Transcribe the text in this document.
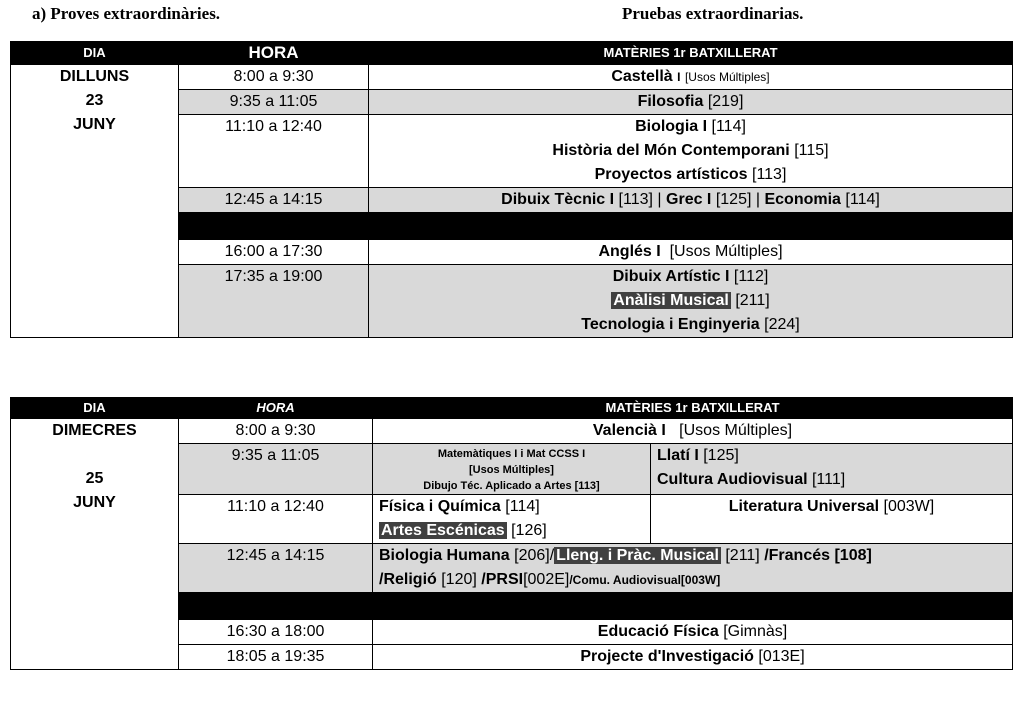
a) Proves extraordinàries.	Pruebas extraordinarias.
DIA	HORA	MATÈRIES 1r BATXILLERAT

DILLUNS
23
JUNY	8:00 a 9:30	Castellà I [Usos Múltiples]
	9:35 a 11:05	Filosofia [219]
	11:10 a 12:40	Biologia I [114]
Història del Món Contemporani [115]
Proyectos artísticos [113]

	12:45 a 14:15	Dibuix Tècnic I [113] | Grec I [125] | Economia [114]

	16:00 a 17:30	Anglés I [Usos Múltiples]
	17:35 a 19:00	Dibuix Artístic I [112]
Anàlisi Musical [211]
Tecnologia i Enginyeria [224]
DIA	HORA	MATÈRIES 1r BATXILLERAT	

DIMECRES
25
JUNY	8:00 a 9:30	Valencià I [Usos Múltiples]	
	9:35 a 11:05	Matemàtiques I i Mat CCSS I
[Usos Múltiples]
Dibujo Téc. Aplicado a Artes [113]	Llatí I [125]
Cultura Audiovisual [111]

	11:10 a 12:40	Física i Química [114]
Artes Escénicas [126]	Literatura Universal [003W]
	12:45 a 14:15	Biologia Humana [206]/ Lleng. i Pràc. Musical [211] /Francés [108]
/Religió [120] /PRSI[002E]/Comu. Audiovisual[003W]	

	16:30 a 18:00	Educació Física [Gimnàs]	
	18:05 a 19:35	Projecte d'Investigació [013E]	
